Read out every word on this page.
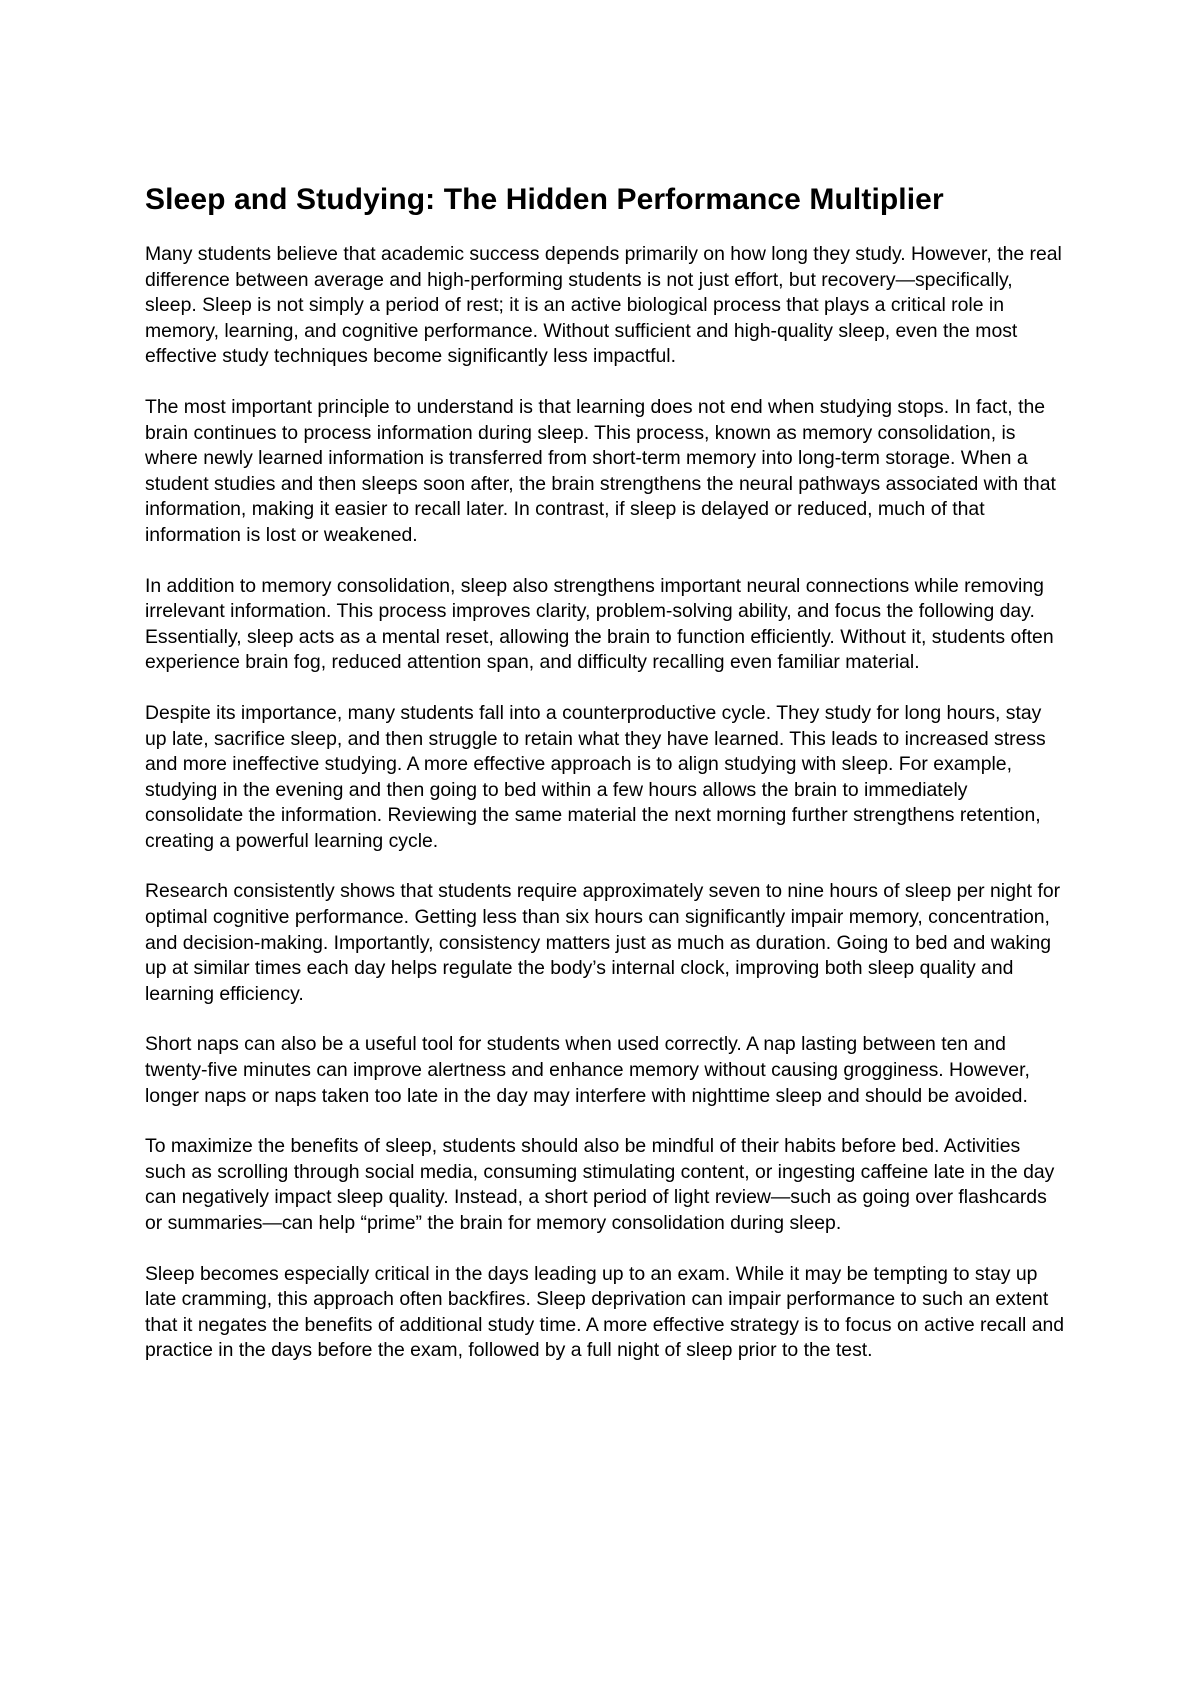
Sleep and Studying: The Hidden Performance Multiplier

Many students believe that academic success depends primarily on how long they study. However, the real difference between average and high-performing students is not just effort, but recovery—specifically, sleep. Sleep is not simply a period of rest; it is an active biological process that plays a critical role in memory, learning, and cognitive performance. Without sufficient and high-quality sleep, even the most effective study techniques become significantly less impactful.

The most important principle to understand is that learning does not end when studying stops. In fact, the brain continues to process information during sleep. This process, known as memory consolidation, is where newly learned information is transferred from short-term memory into long-term storage. When a student studies and then sleeps soon after, the brain strengthens the neural pathways associated with that information, making it easier to recall later. In contrast, if sleep is delayed or reduced, much of that information is lost or weakened.

In addition to memory consolidation, sleep also strengthens important neural connections while removing irrelevant information. This process improves clarity, problem-solving ability, and focus the following day. Essentially, sleep acts as a mental reset, allowing the brain to function efficiently. Without it, students often experience brain fog, reduced attention span, and difficulty recalling even familiar material.

Despite its importance, many students fall into a counterproductive cycle. They study for long hours, stay up late, sacrifice sleep, and then struggle to retain what they have learned. This leads to increased stress and more ineffective studying. A more effective approach is to align studying with sleep. For example, studying in the evening and then going to bed within a few hours allows the brain to immediately consolidate the information. Reviewing the same material the next morning further strengthens retention, creating a powerful learning cycle.

Research consistently shows that students require approximately seven to nine hours of sleep per night for optimal cognitive performance. Getting less than six hours can significantly impair memory, concentration, and decision-making. Importantly, consistency matters just as much as duration. Going to bed and waking up at similar times each day helps regulate the body’s internal clock, improving both sleep quality and learning efficiency.

Short naps can also be a useful tool for students when used correctly. A nap lasting between ten and twenty-five minutes can improve alertness and enhance memory without causing grogginess. However, longer naps or naps taken too late in the day may interfere with nighttime sleep and should be avoided.

To maximize the benefits of sleep, students should also be mindful of their habits before bed. Activities such as scrolling through social media, consuming stimulating content, or ingesting caffeine late in the day can negatively impact sleep quality. Instead, a short period of light review—such as going over flashcards or summaries—can help “prime” the brain for memory consolidation during sleep.

Sleep becomes especially critical in the days leading up to an exam. While it may be tempting to stay up late cramming, this approach often backfires. Sleep deprivation can impair performance to such an extent that it negates the benefits of additional study time. A more effective strategy is to focus on active recall and practice in the days before the exam, followed by a full night of sleep prior to the test.
